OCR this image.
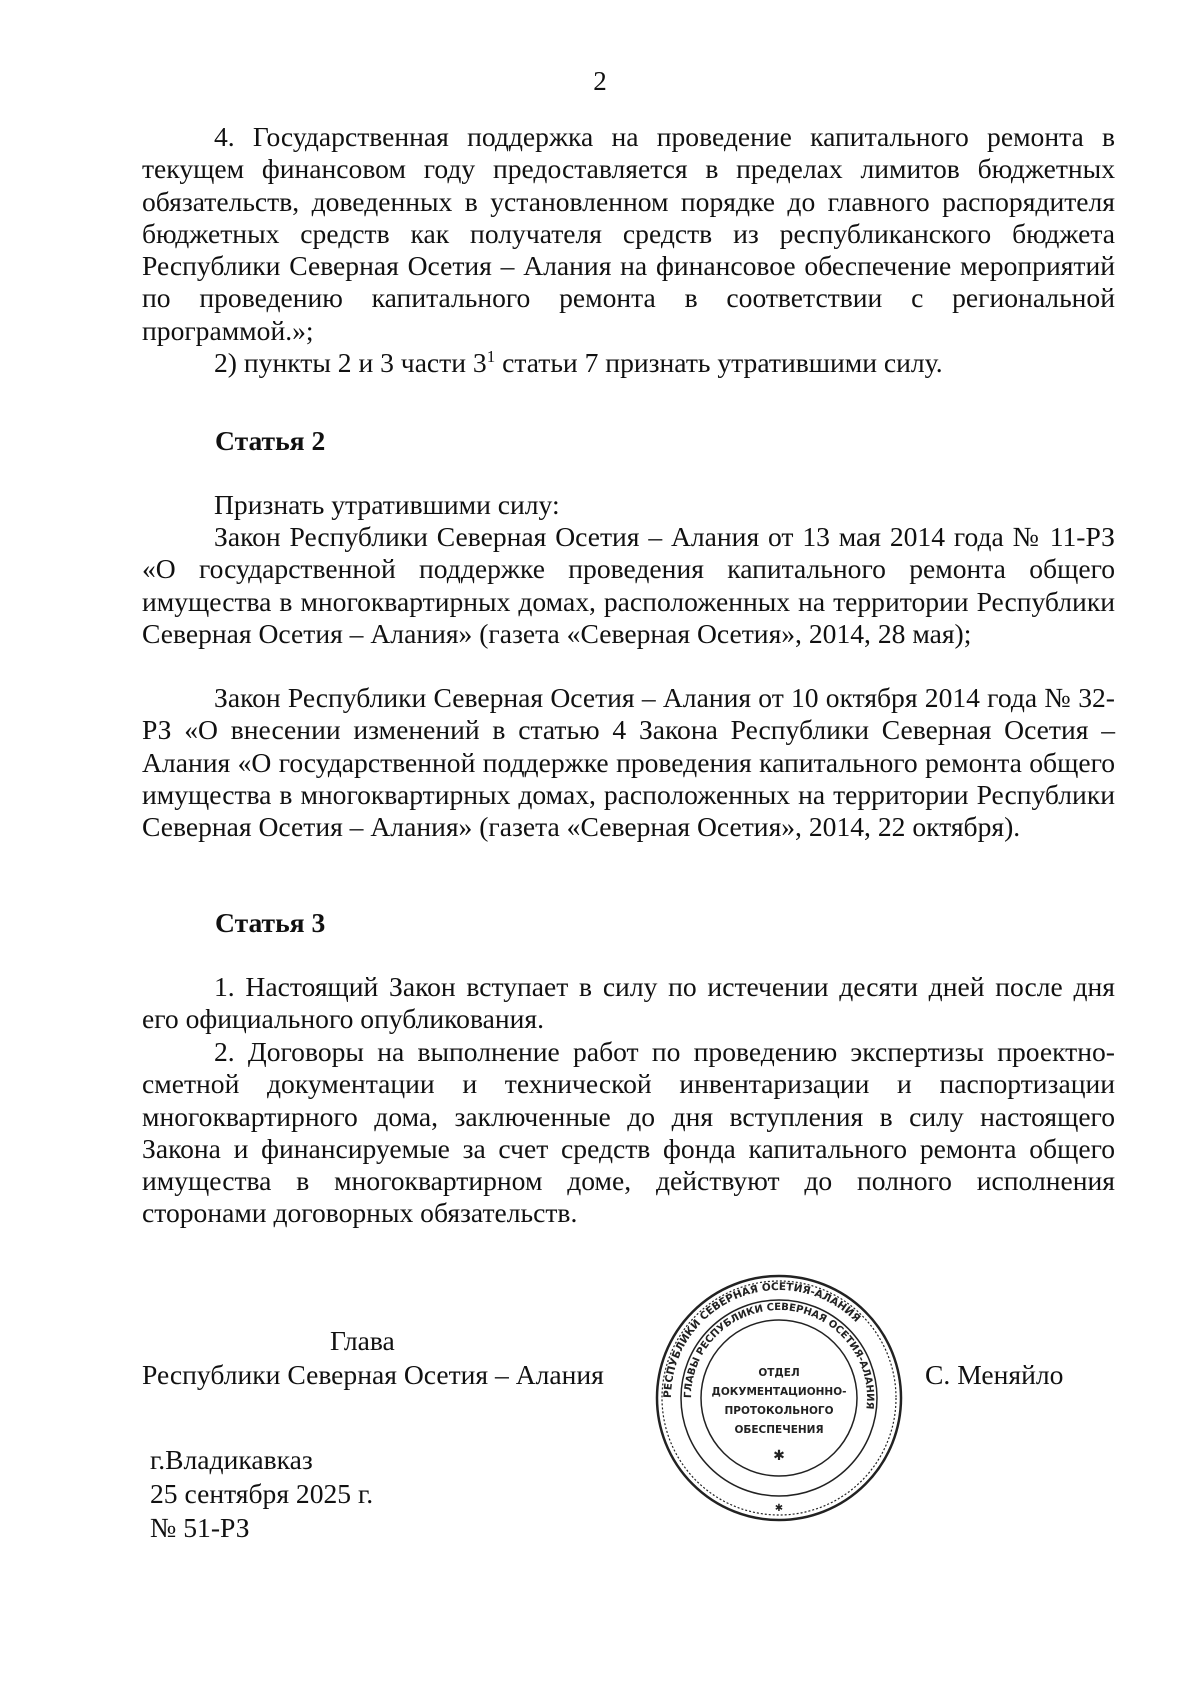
2
4. Государственная поддержка на проведение капитального ремонта в текущем финансовом году предоставляется в пределах лимитов бюджетных обязательств, доведенных в установленном порядке до главного распорядителя бюджетных средств как получателя средств из республиканского бюджета Республики Северная Осетия – Алания на финансовое обеспечение мероприятий по проведению капитального ремонта в соответствии с региональной программой.»;
2) пункты 2 и 3 части $3^1$ статьи 7 признать утратившими силу.
Статья 2
Признать утратившими силу:
Закон Республики Северная Осетия – Алания от 13 мая 2014 года № 11-РЗ «О государственной поддержке проведения капитального ремонта общего имущества в многоквартирных домах, расположенных на территории Республики Северная Осетия – Алания» (газета «Северная Осетия», 2014, 28 мая);
Закон Республики Северная Осетия – Алания от 10 октября 2014 года № 32-РЗ «О внесении изменений в статью 4 Закона Республики Северная Осетия – Алания «О государственной поддержке проведения капитального ремонта общего имущества в многоквартирных домах, расположенных на территории Республики Северная Осетия – Алания» (газета «Северная Осетия», 2014, 22 октября).
Статья 3
1. Настоящий Закон вступает в силу по истечении десяти дней после дня его официального опубликования.
2. Договоры на выполнение работ по проведению экспертизы проектно-сметной документации и технической инвентаризации и паспортизации многоквартирного дома, заключенные до дня вступления в силу настоящего Закона и финансируемые за счет средств фонда капитального ремонта общего имущества в многоквартирном доме, действуют до полного исполнения сторонами договорных обязательств.
Глава
Республики Северная Осетия – Алания	С. Меняйло
РЕСПУБЛИКИ СЕВЕРНАЯ ОСЕТИЯ-АЛАНИЯ
ГЛАВЫ РЕСПУБЛИКИ СЕВЕРНАЯ ОСЕТИЯ-АЛАНИЯ
ОТДЕЛ
ДОКУМЕНТАЦИОННО-
ПРОТОКОЛЬНОГО
ОБЕСПЕЧЕНИЯ
✱
✱
г.Владикавказ
25 сентября 2025 г.
№ 51-РЗ
